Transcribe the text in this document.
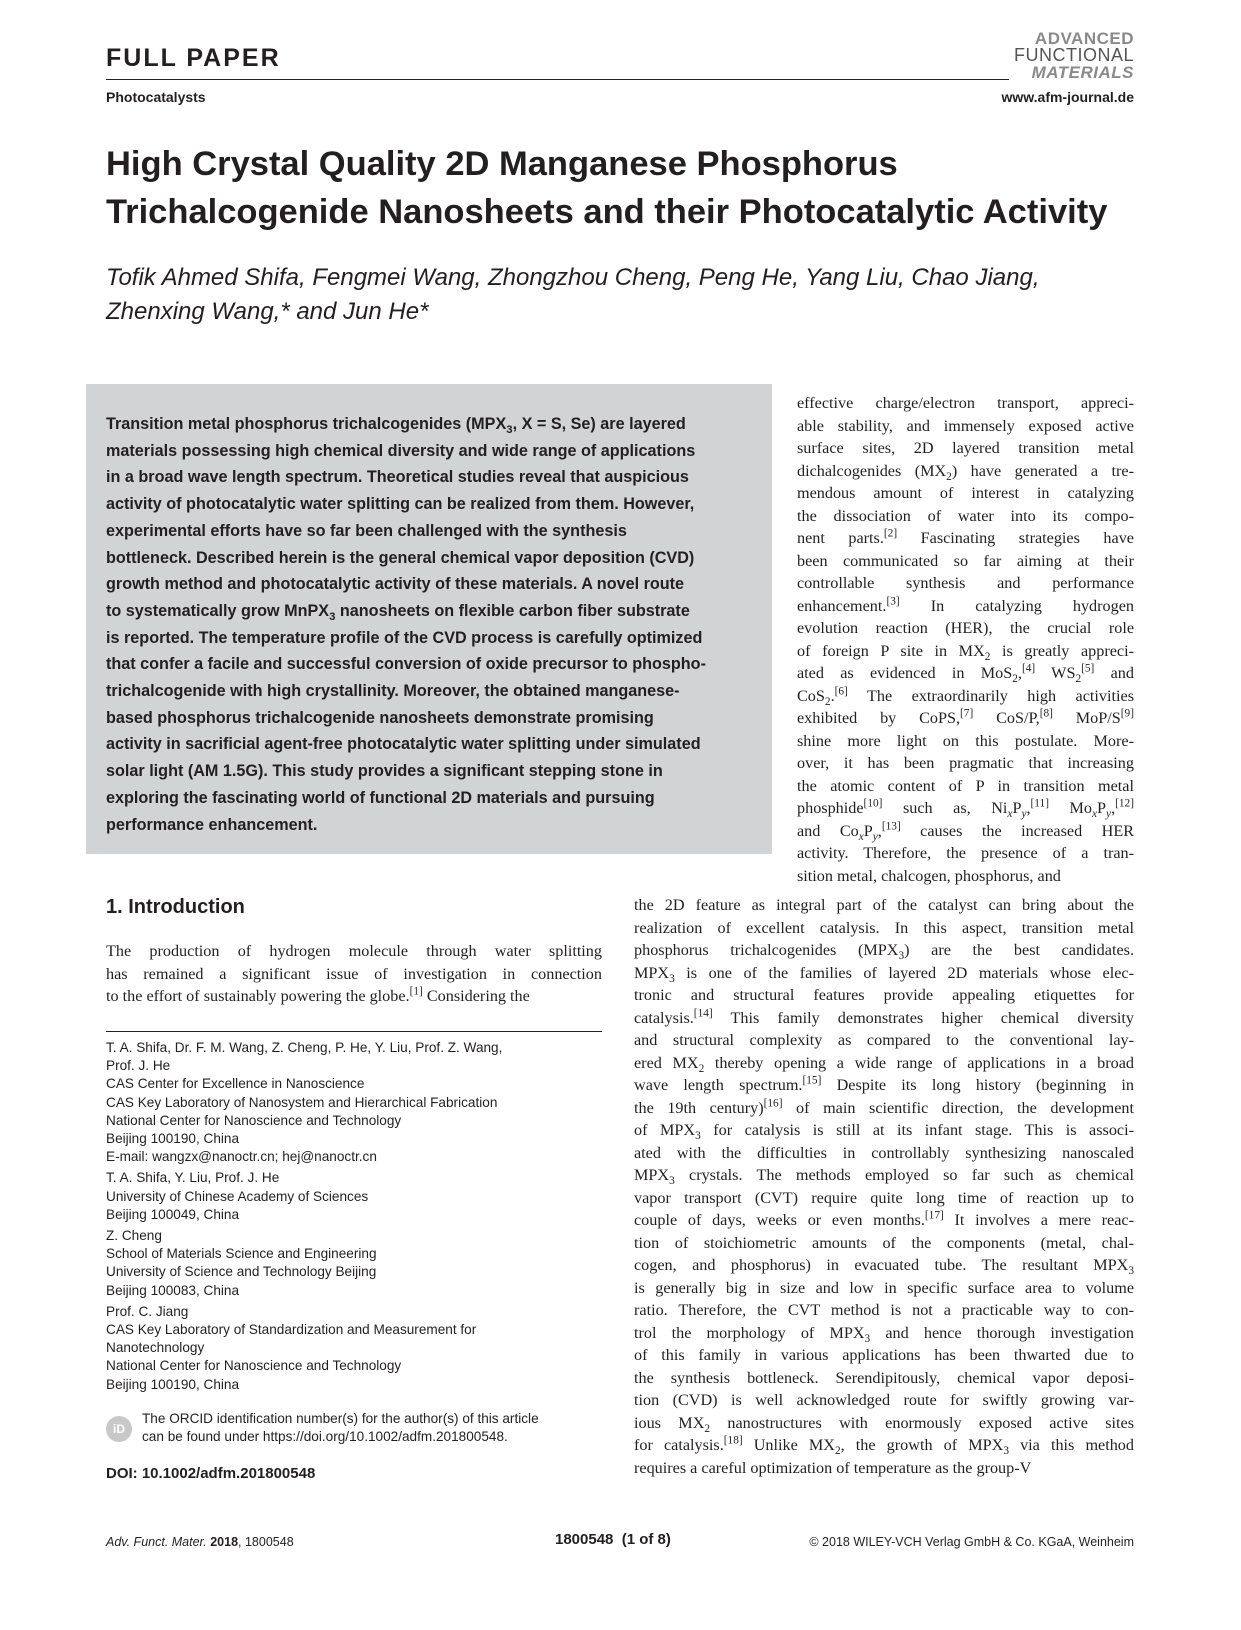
FULL PAPER
ADVANCED
FUNCTIONAL
MATERIALS
Photocatalysts	www.afm-journal.de
High Crystal Quality 2D Manganese Phosphorus
Trichalcogenide Nanosheets and their Photocatalytic Activity
Tofik Ahmed Shifa, Fengmei Wang, Zhongzhou Cheng, Peng He, Yang Liu, Chao Jiang,
Zhenxing Wang,* and Jun He*
Transition metal phosphorus trichalcogenides ($MPX_3$, X = S, Se) are layered
materials possessing high chemical diversity and wide range of applications
in a broad wave length spectrum. Theoretical studies reveal that auspicious
activity of photocatalytic water splitting can be realized from them. However,
experimental efforts have so far been challenged with the synthesis
bottleneck. Described herein is the general chemical vapor deposition (CVD)
growth method and photocatalytic activity of these materials. A novel route
to systematically grow MnPX$_3$ nanosheets on flexible carbon fiber substrate
is reported. The temperature profile of the CVD process is carefully optimized
that confer a facile and successful conversion of oxide precursor to phospho-
trichalcogenide with high crystallinity. Moreover, the obtained manganese-
based phosphorus trichalcogenide nanosheets demonstrate promising
activity in sacrificial agent-free photocatalytic water splitting under simulated
solar light (AM 1.5G). This study provides a significant stepping stone in
exploring the fascinating world of functional 2D materials and pursuing
performance enhancement.
effective charge/electron transport, appreci-
able stability, and immensely exposed active
surface sites, 2D layered transition metal
dichalcogenides $(MX_2)$ have generated a tre-
mendous amount of interest in catalyzing
the dissociation of water into its compo-
nent parts.[2] Fascinating strategies have
been communicated so far aiming at their
controllable synthesis and performance
enhancement.[3] In catalyzing hydrogen
evolution reaction (HER), the crucial role
of foreign P site in $MX_2$ is greatly appreci-
ated as evidenced in MoS$_2$,[4] $WS_2[5]$ and
CoS$_2$.[6] The extraordinarily high activities
exhibited by CoPS,[7] CoS/P,[8] MoP/S[9]
shine more light on this postulate. More-
over, it has been pragmatic that increasing
the atomic content of P in transition metal
phosphide[10] such as, $Ni_xP_y,[11]$ $Mo_xP_y,[12]$
and $Co_xP_y,[13]$ causes the increased HER
activity. Therefore, the presence of a tran-
sition metal, chalcogen, phosphorus, and
1. Introduction
The production of hydrogen molecule through water splitting
has remained a significant issue of investigation in connection
to the effort of sustainably powering the globe.[1] Considering the
the 2D feature as integral part of the catalyst can bring about the
realization of excellent catalysis. In this aspect, transition metal
phosphorus trichalcogenides $(MPX_3)$ are the best candidates.
$MPX_3$ is one of the families of layered 2D materials whose elec-
tronic and structural features provide appealing etiquettes for
catalysis.[14] This family demonstrates higher chemical diversity
and structural complexity as compared to the conventional lay-
ered $MX_2$ thereby opening a wide range of applications in a broad
wave length spectrum.[15] Despite its long history (beginning in
the 19th century)[16] of main scientific direction, the development
of $MPX_3$ for catalysis is still at its infant stage. This is associ-
ated with the difficulties in controllably synthesizing nanoscaled
$MPX_3$ crystals. The methods employed so far such as chemical
vapor transport (CVT) require quite long time of reaction up to
couple of days, weeks or even months.[17] It involves a mere reac-
tion of stoichiometric amounts of the components (metal, chal-
cogen, and phosphorus) in evacuated tube. The resultant $MPX_3$
is generally big in size and low in specific surface area to volume
ratio. Therefore, the CVT method is not a practicable way to con-
trol the morphology of $MPX_3$ and hence thorough investigation
of this family in various applications has been thwarted due to
the synthesis bottleneck. Serendipitously, chemical vapor deposi-
tion (CVD) is well acknowledged route for swiftly growing var-
ious $MX_2$ nanostructures with enormously exposed active sites
for catalysis.[18] Unlike $MX_2$, the growth of $MPX_3$ via this method
requires a careful optimization of temperature as the group-V
T. A. Shifa, Dr. F. M. Wang, Z. Cheng, P. He, Y. Liu, Prof. Z. Wang,
Prof. J. He
CAS Center for Excellence in Nanoscience
CAS Key Laboratory of Nanosystem and Hierarchical Fabrication
National Center for Nanoscience and Technology
Beijing 100190, China
E-mail: wangzx@nanoctr.cn; hej@nanoctr.cn
T. A. Shifa, Y. Liu, Prof. J. He
University of Chinese Academy of Sciences
Beijing 100049, China
Z. Cheng
School of Materials Science and Engineering
University of Science and Technology Beijing
Beijing 100083, China
Prof. C. Jiang
CAS Key Laboratory of Standardization and Measurement for
Nanotechnology
National Center for Nanoscience and Technology
Beijing 100190, China
iD
The ORCID identification number(s) for the author(s) of this article
can be found under https://doi.org/10.1002/adfm.201800548.
DOI: 10.1002/adfm.201800548
Adv. Funct. Mater. 2018, 1800548	1800548  (1 of 8)	© 2018 WILEY-VCH Verlag GmbH & Co. KGaA, Weinheim
